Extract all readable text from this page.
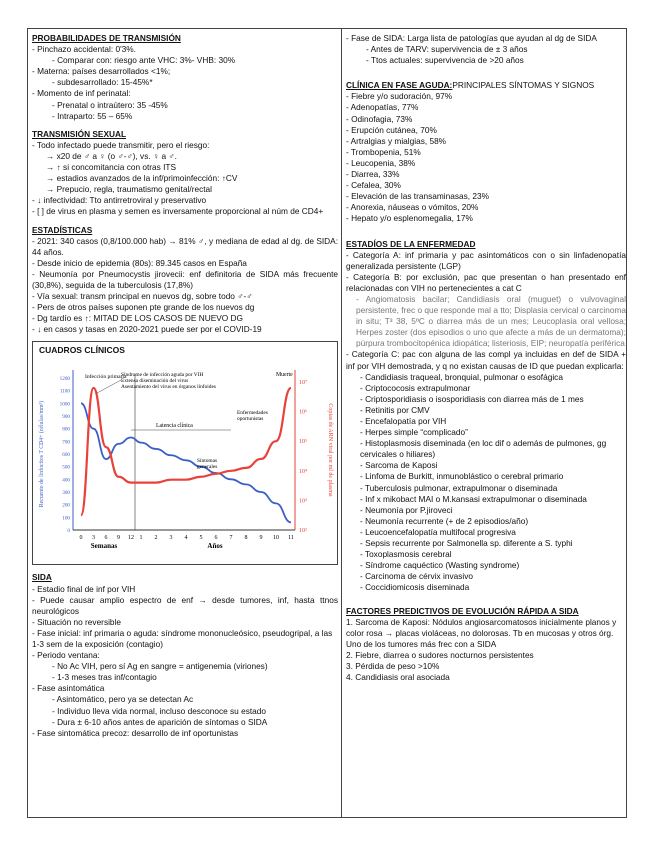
PROBABILIDADES DE TRANSMISIÓN
- Pinchazo accidental: 0'3%.
- Comparar con: riesgo ante VHC: 3%- VHB: 30%
- Materna: países desarrollados <1%;
- subdesarrollado: 15-45%*
- Momento de inf perinatal:
- Prenatal o intraútero: 35 -45%
- Intraparto: 55 – 65%
TRANSMISIÓN SEXUAL
- Todo infectado puede transmitir, pero el riesgo:
→ x20 de ♂ a ♀ (o ♂-♂), vs. ♀ a ♂.
→ ↑ si concomitancia con otras ITS
→ estadios avanzados de la inf/primoinfección: ↑CV
→ Prepucio, regla, traumatismo genital/rectal
- ↓ infectividad: Tto antirretroviral y preservativo
- [ ] de virus en plasma y semen es inversamente proporcional al núm de CD4+
ESTADÍSTICAS
- 2021: 340 casos (0,8/100.000 hab) → 81% ♂, y mediana de edad al dg. de SIDA: 44 años.
- Desde inicio de epidemia (80s): 89.345 casos en España
- Neumonía por Pneumocystis jirovecii: enf definitoria de SIDA más frecuente (30,8%), seguida de la tuberculosis (17,8%)
- Vía sexual: transm principal en nuevos dg, sobre todo ♂-♂
- Pers de otros países suponen pte grande de los nuevos dg
- Dg tardío es ↑: MITAD DE LOS CASOS DE NUEVO DG
- ↓ en casos y tasas en 2020-2021 puede ser por el COVID-19
CUADROS CLÍNICOS
1200
1100
1000
900
800
700
600
500
400
300
200
100
0
10⁷
10⁶
10⁵
10⁴
10³
10²
0 3 6 9 12 1 2 3 4 5 6 7 8 9 10 11
Semanas	Años
Recuento de linfocitos T CD4+ (células/mm³)	Copias de ARN viral por ml de plasma
Infección primaria
Síndrome de infección aguda por VIH
Extensa diseminación del virus
Asentamiento del virus en órganos linfoides
Latencia clínica
Enfermedades
oportunistas
Síntomas
generales
Muerte
SIDA
- Estadio final de inf por VIH
- Puede causar amplio espectro de enf → desde tumores, inf, hasta ttnos neurológicos
- Situación no reversible
- Fase inicial: inf primaria o aguda: síndrome mononucleósico, pseudogripal, a las 1-3 sem de la exposición (contagio)
- Periodo ventana:
- No Ac VIH, pero sí Ag en sangre = antigenemia (viriones)
- 1-3 meses tras inf/contagio
- Fase asintomática
- Asintomático, pero ya se detectan Ac
- Individuo lleva vida normal, incluso desconoce su estado
- Dura ± 6-10 años antes de aparición de síntomas o SIDA
- Fase sintomática precoz: desarrollo de inf oportunistas
- Fase de SIDA: Larga lista de patologías que ayudan al dg de SIDA
- Antes de TARV: supervivencia de ± 3 años
- Ttos actuales: supervivencia de >20 años
CLÍNICA EN FASE AGUDA:PRINCIPALES SÍNTOMAS Y SIGNOS
- Fiebre y/o sudoración, 97%
- Adenopatías, 77%
- Odinofagia, 73%
- Erupción cutánea, 70%
- Artralgias y mialgias, 58%
- Trombopenia, 51%
- Leucopenia, 38%
- Diarrea, 33%
- Cefalea, 30%
- Elevación de las transaminasas, 23%
- Anorexia, náuseas o vómitos, 20%
- Hepato y/o esplenomegalia, 17%
ESTADÍOS DE LA ENFERMEDAD
- Categoría A: inf primaria y pac asintomáticos con o sin linfadenopatía generalizada persistente (LGP)
- Categoría B: por exclusión, pac que presentan o han presentado enf relacionadas con VIH no pertenecientes a cat C
- Angiomatosis bacilar; Candidiasis oral (muguet) o vulvovaginal persistente, frec o que responde mal a tto; Displasia cervical o carcinoma in situ; T³ 38, 5ºC o diarrea más de un mes; Leucoplasia oral vellosa; Herpes zoster (dos episodios o uno que afecte a más de un dermatoma); púrpura trombocitopénica idiopática; listeriosis, EIP; neuropatía periférica
- Categoría C: pac con alguna de las compl ya incluidas en def de SIDA + inf por VIH demostrada, y q no existan causas de ID que puedan explicarla:
- Candidiasis traqueal, bronquial, pulmonar o esofágica
- Criptococosis extrapulmonar
- Criptosporidiasis o isosporidiasis con diarrea más de 1 mes
- Retinitis por CMV
- Encefalopatía por VIH
- Herpes simple “complicado”
- Histoplasmosis diseminada (en loc dif o además de pulmones, gg cervicales o hiliares)
- Sarcoma de Kaposi
- Linfoma de Burkitt, inmunoblástico o cerebral primario
- Tuberculosis pulmonar, extrapulmonar o diseminada
- Inf x mikobact MAI o M.kansasi extrapulmonar o diseminada
- Neumonía por P.jiroveci
- Neumonía recurrente (+ de 2 episodios/año)
- Leucoencefalopatía multifocal progresiva
- Sepsis recurrente por Salmonella sp. diferente a S. typhi
- Toxoplasmosis cerebral
- Síndrome caquéctico (Wasting syndrome)
- Carcinoma de cérvix invasivo
- Coccidiomicosis diseminada
FACTORES PREDICTIVOS DE EVOLUCIÓN RÁPIDA A SIDA
1. Sarcoma de Kaposi: Nódulos angiosarcomatosos inicialmente planos y color rosa → placas violáceas, no dolorosas. Tb en mucosas y otros órg. Uno de los tumores más frec con a SIDA
2. Fiebre, diarrea o sudores nocturnos persistentes
3. Pérdida de peso >10%
4. Candidiasis oral asociada
